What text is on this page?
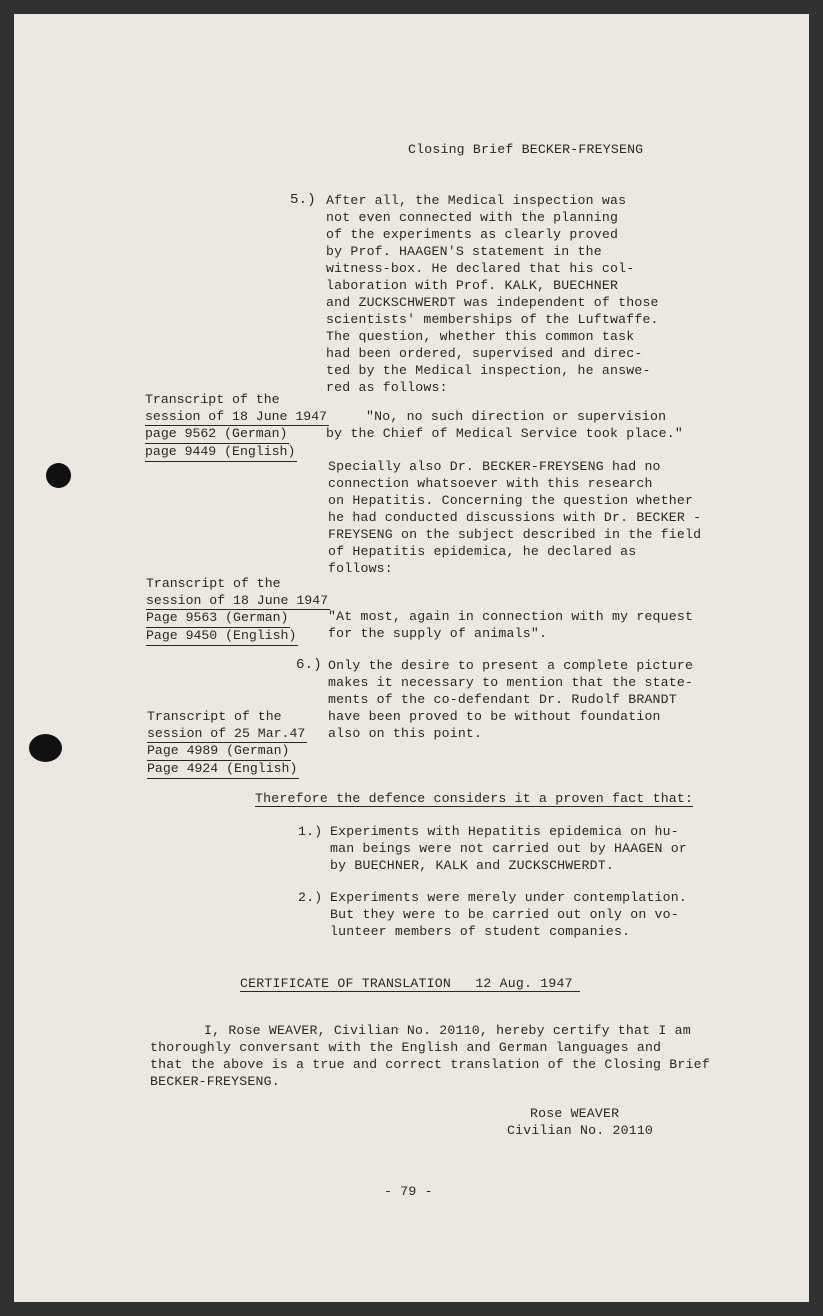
Closing Brief BECKER-FREYSENG
5.) After all, the Medical inspection was
not even connected with the planning
of the experiments as clearly proved
by Prof. HAAGEN'S statement in the
witness-box. He declared that his col-
laboration with Prof. KALK, BUECHNER
and ZUCKSCHWERDT was independent of those
scientists' memberships of the Luftwaffe.
The question, whether this common task
had been ordered, supervised and direc-
ted by the Medical inspection, he answe-
red as follows:
Transcript of the
session of 18 June 1947
page 9562 (German)
page 9449 (English)
"No, no such direction or supervision
by the Chief of Medical Service took place."
Specially also Dr. BECKER-FREYSENG had no
connection whatsoever with this research
on Hepatitis. Concerning the question whether
he had conducted discussions with Dr. BECKER -
FREYSENG on the subject described in the field
of Hepatitis epidemica, he declared as
follows:
Transcript of the
session of 18 June 1947
Page 9563 (German)
Page 9450 (English)
"At most, again in connection with my request
for the supply of animals".
6.) Only the desire to present a complete picture
makes it necessary to mention that the state-
ments of the co-defendant Dr. Rudolf BRANDT
have been proved to be without foundation
also on this point.
Transcript of the
session of 25 Mar.47
Page 4989 (German)
Page 4924 (English)
Therefore the defence considers it a proven fact that:
1.) Experiments with Hepatitis epidemica on hu-
man beings were not carried out by HAAGEN or
by BUECHNER, KALK and ZUCKSCHWERDT.
2.) Experiments were merely under contemplation.
But they were to be carried out only on vo-
lunteer members of student companies.
CERTIFICATE OF TRANSLATION 12 Aug. 1947
I, Rose WEAVER, Civilian No. 20110, hereby certify that I am
thoroughly conversant with the English and German languages and
that the above is a true and correct translation of the Closing Brief
BECKER-FREYSENG.
Rose WEAVER
Civilian No. 20110
- 79 -
